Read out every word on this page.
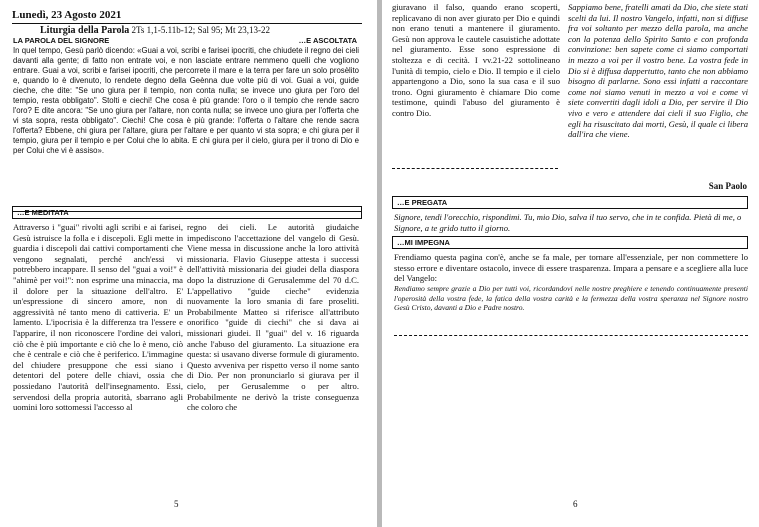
Lunedì, 23 Agosto 2021
Liturgia della Parola 2Ts 1,1-5.11b-12; Sal 95; Mt 23,13-22
LA PAROLA DEL SIGNORE	…E ASCOLTATA
In quel tempo, Gesù parlò dicendo: «Guai a voi, scribi e farisei ipocriti, che chiudete il regno dei cieli davanti alla gente; di fatto non entrate voi, e non lasciate entrare nemmeno quelli che vogliono entrare. Guai a voi, scribi e farisei ipocriti, che percorrete il mare e la terra per fare un solo prosèlito e, quando lo è divenuto, lo rendete degno della Geènna due volte più di voi. Guai a voi, guide cieche, che dite: "Se uno giura per il tempio, non conta nulla; se invece uno giura per l'oro del tempio, resta obbligato". Stolti e ciechi! Che cosa è più grande: l'oro o il tempio che rende sacro l'oro? E dite ancora: "Se uno giura per l'altare, non conta nulla; se invece uno giura per l'offerta che vi sta sopra, resta obbligato". Ciechi! Che cosa è più grande: l'offerta o l'altare che rende sacra l'offerta? Ebbene, chi giura per l'altare, giura per l'altare e per quanto vi sta sopra; e chi giura per il tempio, giura per il tempio e per Colui che lo abita. E chi giura per il cielo, giura per il trono di Dio e per Colui che vi è assiso».
…E MEDITATA
Attraverso i "guai" rivolti agli scribi e ai farisei, Gesù istruisce la folla e i discepoli. Egli mette in guardia i discepoli dai cattivi comportamenti che vengono segnalati, perché anch'essi vi potrebbero incappare. Il senso del "guai a voi!" è "ahimè per voi!": non esprime una minaccia, ma il dolore per la situazione dell'altro. E' un'espressione di sincero amore, non di aggressività né tanto meno di cattiveria. E' un lamento. L'ipocrisia è la differenza tra l'essere e l'apparire, il non riconoscere l'ordine dei valori, ciò che è più importante e ciò che lo è meno, ciò che è centrale e ciò che è periferico. L'immagine del chiudere presuppone che essi siano i detentori del potere delle chiavi, ossia che possiedano l'autorità dell'insegnamento. Essi, servendosi della propria autorità, sbarrano agli uomini loro sottomessi l'accesso al
regno dei cieli. Le autorità giudaiche impediscono l'accettazione del vangelo di Gesù. Viene messa in discussione anche la loro attività missionaria. Flavio Giuseppe attesta i successi dell'attività missionaria dei giudei della diaspora dopo la distruzione di Gerusalemme del 70 d.C. L'appellativo "guide cieche" evidenzia nuovamente la loro smania di fare proseliti. Probabilmente Matteo si riferisce all'attributo onorifico "guide di ciechi" che si dava ai missionari giudei. Il "guai" del v. 16 riguarda anche l'abuso del giuramento. La situazione era questa: si usavano diverse formule di giuramento. Questo avveniva per rispetto verso il nome santo di Dio. Per non pronunciarlo si giurava per il cielo, per Gerusalemme o per altro. Probabilmente ne derivò la triste conseguenza che coloro che
5
giuravano il falso, quando erano scoperti, replicavano di non aver giurato per Dio e quindi non erano tenuti a mantenere il giuramento. Gesù non approva le cautele casuistiche adottate nel giuramento. Esse sono espressione di stoltezza e di cecità. I vv.21-22 sottolineano l'unità di tempio, cielo e Dio. Il tempio e il cielo appartengono a Dio, sono la sua casa e il suo trono. Ogni giuramento è chiamare Dio come testimone, quindi l'abuso del giuramento è contro Dio.
Sappiamo bene, fratelli amati da Dio, che siete stati scelti da lui. Il nostro Vangelo, infatti, non si diffuse fra voi soltanto per mezzo della parola, ma anche con la potenza dello Spirito Santo e con profonda convinzione: ben sapete come ci siamo comportati in mezzo a voi per il vostro bene. La vostra fede in Dio si è diffusa dappertutto, tanto che non abbiamo bisogno di parlarne. Sono essi infatti a raccontare come noi siamo venuti in mezzo a voi e come vi siete convertiti dagli idoli a Dio, per servire il Dio vivo e vero e attendere dai cieli il suo Figlio, che egli ha risuscitato dai morti, Gesù, il quale ci libera dall'ira che viene.
San Paolo
…E PREGATA
Signore, tendi l'orecchio, rispondimi. Tu, mio Dio, salva il tuo servo, che in te confida. Pietà di me, o Signore, a te grido tutto il giorno.
…MI IMPEGNA
Frendiamo questa pagina con'è, anche se fa male, per tornare all'essenziale, per non commettere lo stesso errore e diventare ostacolo, invece di essere trasparenza. Impara a pensare e a scegliere alla luce del Vangelo:
Rendiamo sempre grazie a Dio per tutti voi, ricordandovi nelle nostre preghiere e tenendo continuamente presenti l'operosità della vostra fede, la fatica della vostra carità e la fermezza della vostra speranza nel Signore nostro Gesù Cristo, davanti a Dio e Padre nostro.
6
